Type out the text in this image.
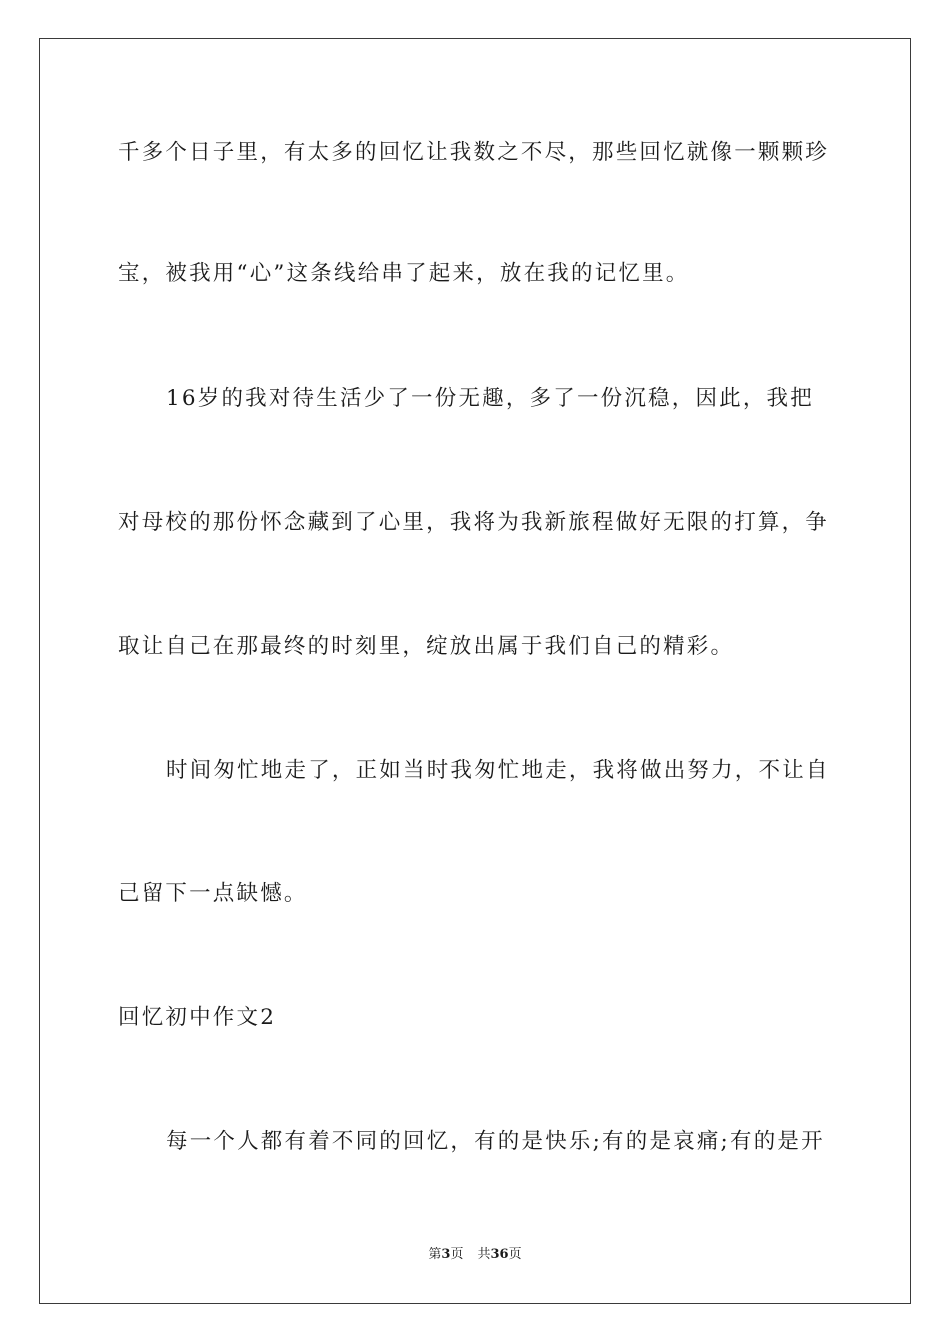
千多个日子里，有太多的回忆让我数之不尽，那些回忆就像一颗颗珍
宝，被我用“心”这条线给串了起来，放在我的记忆里。
16岁的我对待生活少了一份无趣，多了一份沉稳，因此，我把
对母校的那份怀念藏到了心里，我将为我新旅程做好无限的打算，争
取让自己在那最终的时刻里，绽放出属于我们自己的精彩。
时间匆忙地走了，正如当时我匆忙地走，我将做出努力，不让自
己留下一点缺憾。
回忆初中作文2
每一个人都有着不同的回忆，有的是快乐;有的是哀痛;有的是开
第3页 共36页
